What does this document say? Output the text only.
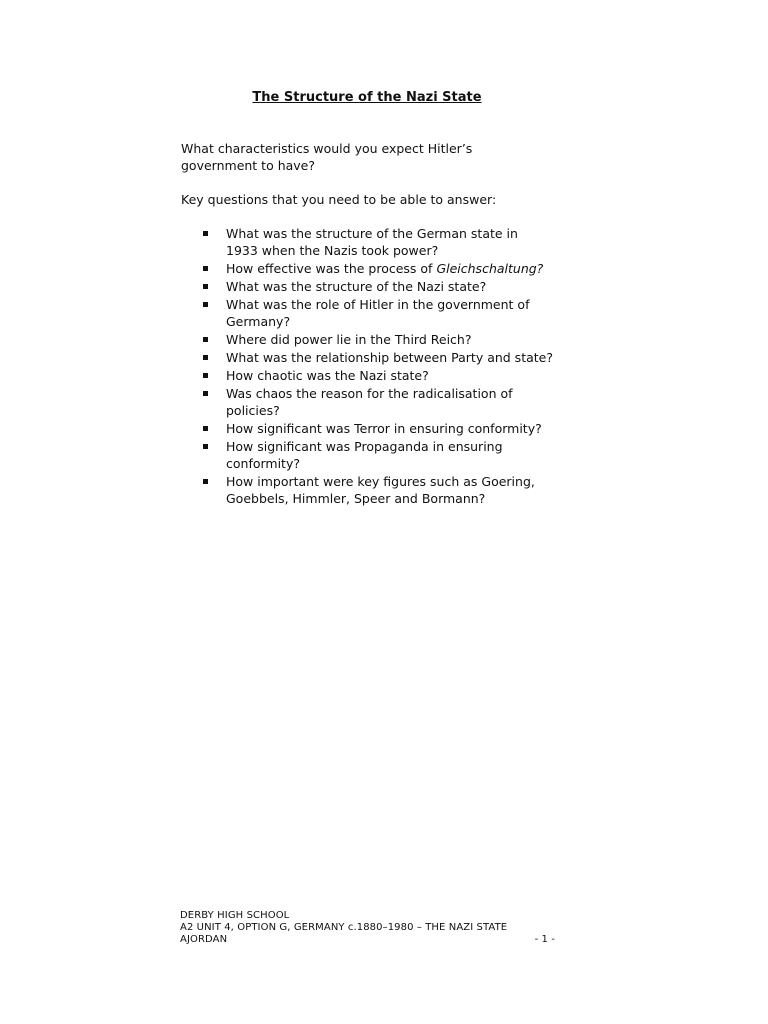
The Structure of the Nazi State
What characteristics would you expect Hitler’s government to have?
Key questions that you need to be able to answer:
What was the structure of the German state in 1933 when the Nazis took power?
How effective was the process of Gleichschaltung?
What was the structure of the Nazi state?
What was the role of Hitler in the government of Germany?
Where did power lie in the Third Reich?
What was the relationship between Party and state?
How chaotic was the Nazi state?
Was chaos the reason for the radicalisation of policies?
How significant was Terror in ensuring conformity?
How significant was Propaganda in ensuring conformity?
How important were key figures such as Goering, Goebbels, Himmler, Speer and Bormann?
DERBY HIGH SCHOOL
A2 UNIT 4, OPTION G, GERMANY c.1880–1980 – THE NAZI STATE
AJORDAN	- 1 -
